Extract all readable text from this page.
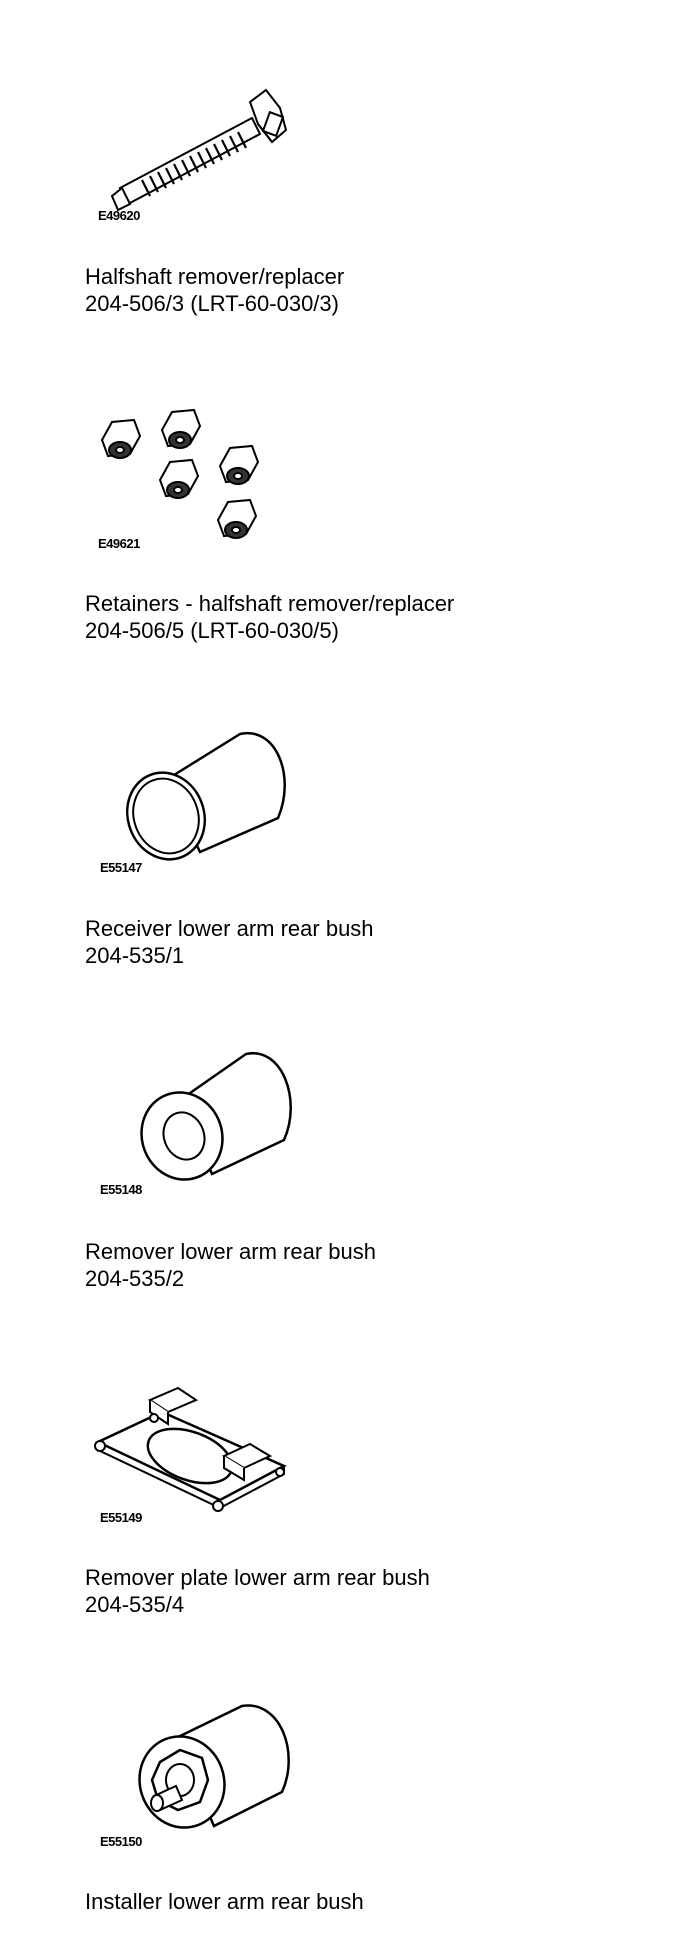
E49620
Halfshaft remover/replacer
204-506/3 (LRT-60-030/3)
E49621
Retainers - halfshaft remover/replacer
204-506/5 (LRT-60-030/5)
E55147
Receiver lower arm rear bush
204-535/1
E55148
Remover lower arm rear bush
204-535/2
E55149
Remover plate lower arm rear bush
204-535/4
E55150
Installer lower arm rear bush
